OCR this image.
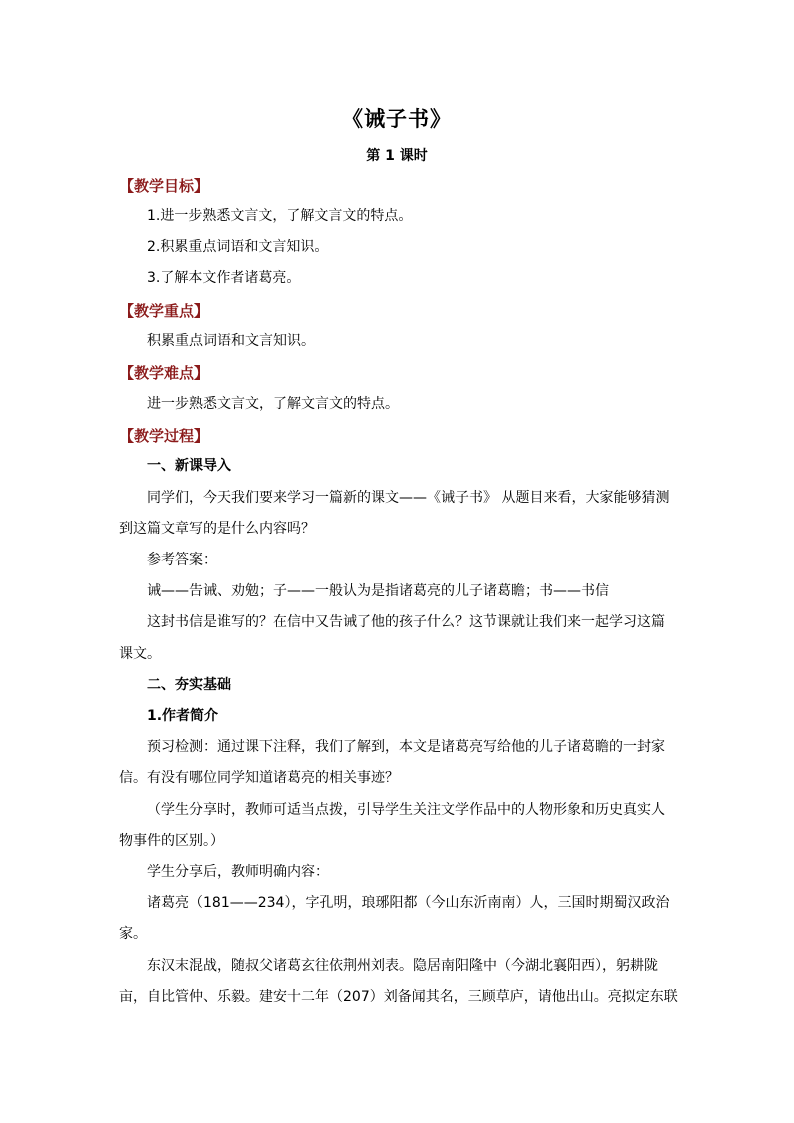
《诫子书》
第 1 课时
【教学目标】
1.进一步熟悉文言文，了解文言文的特点。
2.积累重点词语和文言知识。
3.了解本文作者诸葛亮。
【教学重点】
积累重点词语和文言知识。
【教学难点】
进一步熟悉文言文，了解文言文的特点。
【教学过程】
一、新课导入
同学们，今天我们要来学习一篇新的课文——《诫子书》 从题目来看，大家能够猜测
到这篇文章写的是什么内容吗？
参考答案：
诫——告诫、劝勉；子——一般认为是指诸葛亮的儿子诸葛瞻；书——书信
这封书信是谁写的？在信中又告诫了他的孩子什么？这节课就让我们来一起学习这篇
课文。
二、夯实基础
1.作者简介
预习检测：通过课下注释，我们了解到，本文是诸葛亮写给他的儿子诸葛瞻的一封家
信。有没有哪位同学知道诸葛亮的相关事迹？
（学生分享时，教师可适当点拨，引导学生关注文学作品中的人物形象和历史真实人
物事件的区别。）
学生分享后，教师明确内容：
诸葛亮（181——234），字孔明，琅琊阳都（今山东沂南南）人，三国时期蜀汉政治
家。
东汉末混战，随叔父诸葛玄往依荆州刘表。隐居南阳隆中（今湖北襄阳西），躬耕陇
亩，自比管仲、乐毅。建安十二年（207）刘备闻其名，三顾草庐，请他出山。亮拟定东联
